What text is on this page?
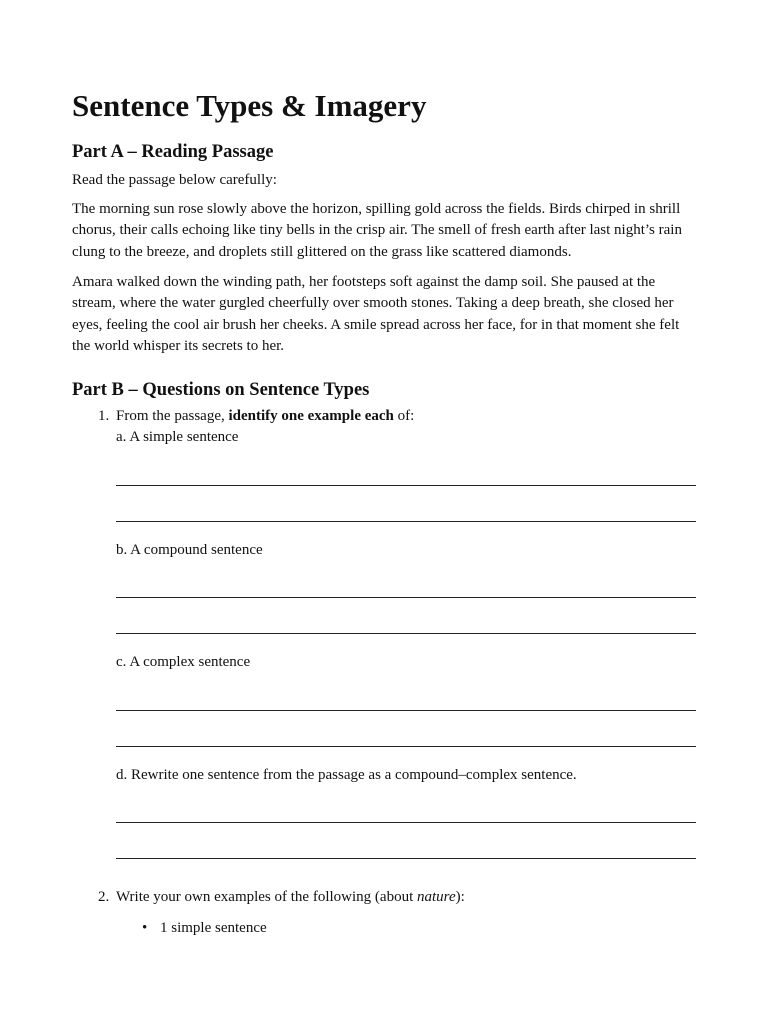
Sentence Types & Imagery
Part A – Reading Passage

Read the passage below carefully:

The morning sun rose slowly above the horizon, spilling gold across the fields. Birds chirped in shrill chorus, their calls echoing like tiny bells in the crisp air. The smell of fresh earth after last night’s rain clung to the breeze, and droplets still glittered on the grass like scattered diamonds.

Amara walked down the winding path, her footsteps soft against the damp soil. She paused at the stream, where the water gurgled cheerfully over smooth stones. Taking a deep breath, she closed her eyes, feeling the cool air brush her cheeks. A smile spread across her face, for in that moment she felt the world whisper its secrets to her.

Part B – Questions on Sentence Types
1. From the passage, identify one example each of:
a. A simple sentence
b. A compound sentence
c. A complex sentence
d. Rewrite one sentence from the passage as a compound–complex sentence.
2. Write your own examples of the following (about nature):
• 1 simple sentence
